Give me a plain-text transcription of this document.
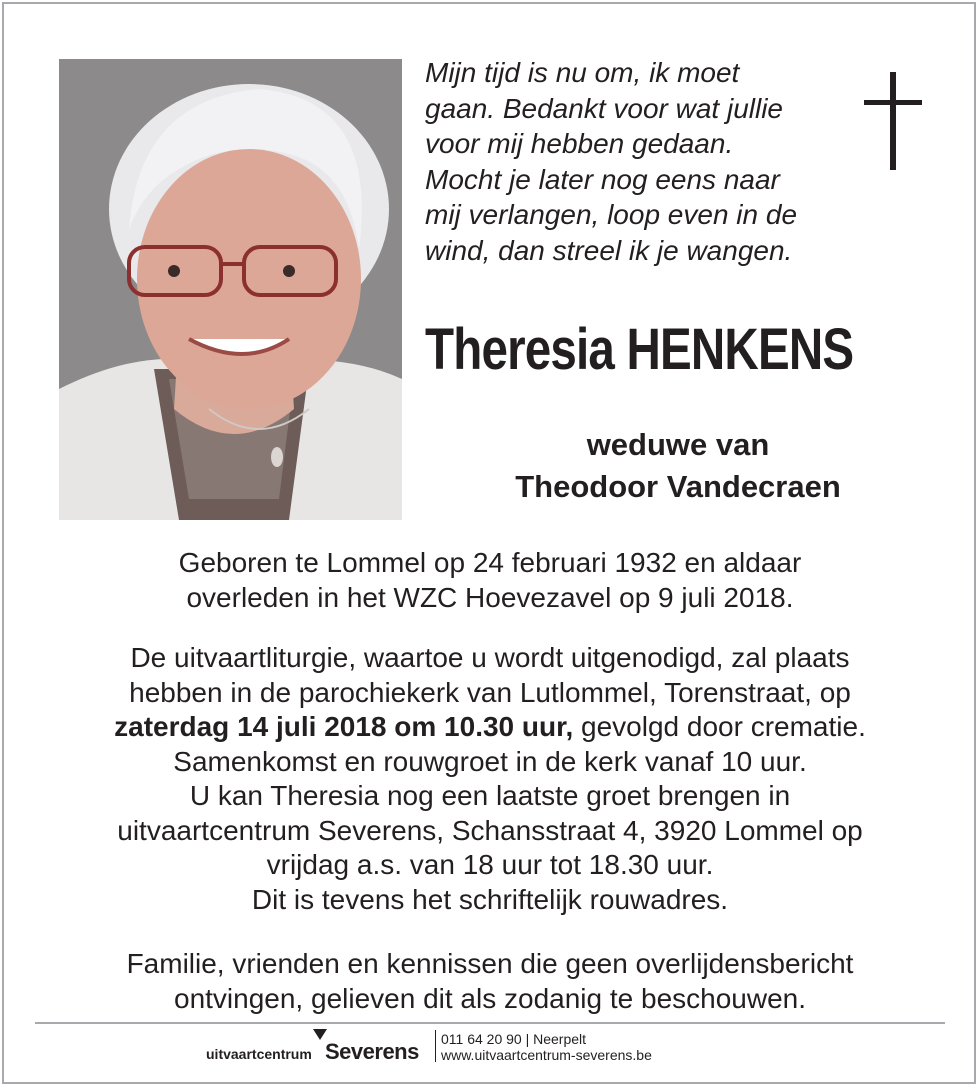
Mijn tijd is nu om, ik moet
gaan. Bedankt voor wat jullie
voor mij hebben gedaan.
Mocht je later nog eens naar
mij verlangen, loop even in de
wind, dan streel ik je wangen.
Theresia HENKENS
weduwe van
Theodoor Vandecraen
Geboren te Lommel op 24 februari 1932 en aldaar
overleden in het WZC Hoevezavel op 9 juli 2018.
De uitvaartliturgie, waartoe u wordt uitgenodigd, zal plaats
hebben in de parochiekerk van Lutlommel, Torenstraat, op
zaterdag 14 juli 2018 om 10.30 uur, gevolgd door crematie.
Samenkomst en rouwgroet in de kerk vanaf 10 uur.
U kan Theresia nog een laatste groet brengen in
uitvaartcentrum Severens, Schansstraat 4, 3920 Lommel op
vrijdag a.s. van 18 uur tot 18.30 uur.
Dit is tevens het schriftelijk rouwadres.
Familie, vrienden en kennissen die geen overlijdensbericht
ontvingen, gelieven dit als zodanig te beschouwen.
uitvaartcentrum Severens 011 64 20 90 | Neerpelt
www.uitvaartcentrum-severens.be
